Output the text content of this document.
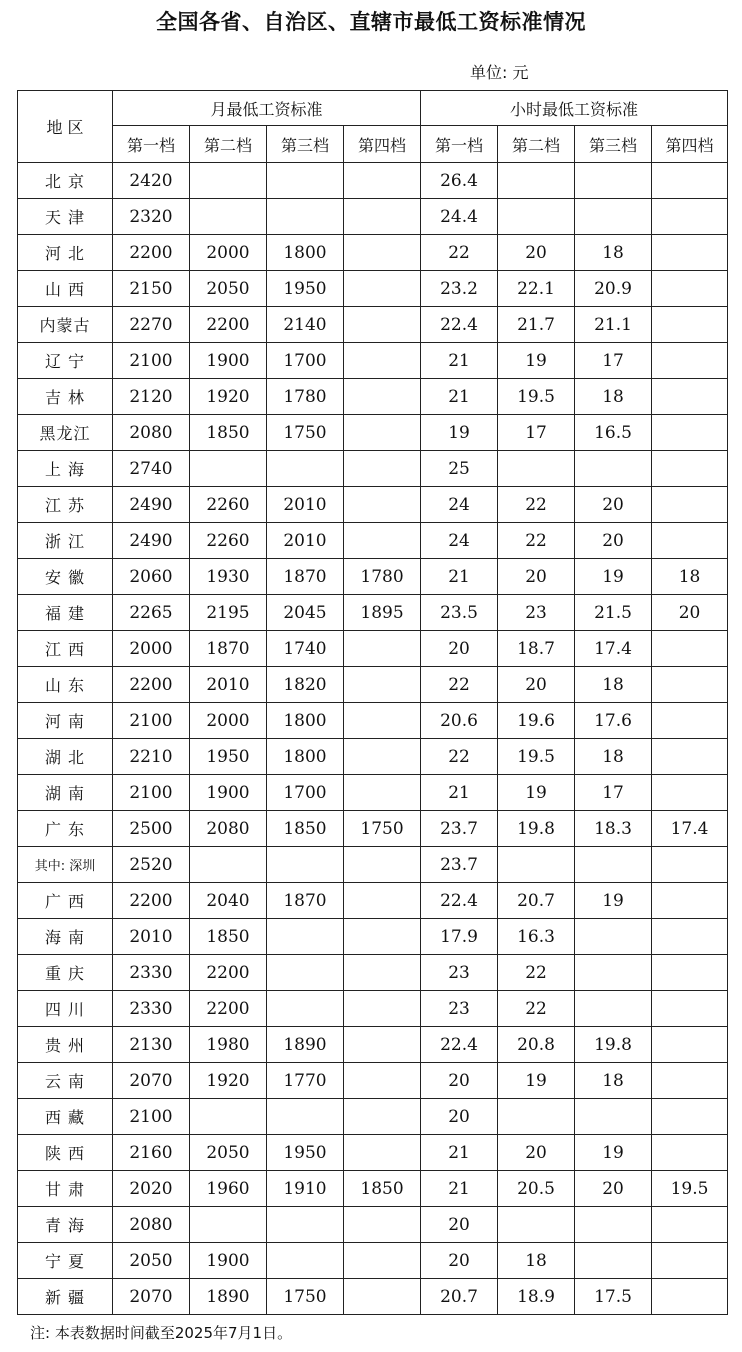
全国各省、自治区、直辖市最低工资标准情况
单位: 元
地 区	月最低工资标准				小时最低工资标准			
	第一档	第二档	第三档	第四档	第一档	第二档	第三档	第四档
北 京	2420				26.4			
天 津	2320				24.4			
河 北	2200	2000	1800		22	20	18	
山 西	2150	2050	1950		23.2	22.1	20.9	
内蒙古	2270	2200	2140		22.4	21.7	21.1	
辽 宁	2100	1900	1700		21	19	17	
吉 林	2120	1920	1780		21	19.5	18	
黑龙江	2080	1850	1750		19	17	16.5	
上 海	2740				25			
江 苏	2490	2260	2010		24	22	20	
浙 江	2490	2260	2010		24	22	20	
安 徽	2060	1930	1870	1780	21	20	19	18
福 建	2265	2195	2045	1895	23.5	23	21.5	20
江 西	2000	1870	1740		20	18.7	17.4	
山 东	2200	2010	1820		22	20	18	
河 南	2100	2000	1800		20.6	19.6	17.6	
湖 北	2210	1950	1800		22	19.5	18	
湖 南	2100	1900	1700		21	19	17	
广 东	2500	2080	1850	1750	23.7	19.8	18.3	17.4
其中: 深圳	2520				23.7			
广 西	2200	2040	1870		22.4	20.7	19	
海 南	2010	1850			17.9	16.3		
重 庆	2330	2200			23	22		
四 川	2330	2200			23	22		
贵 州	2130	1980	1890		22.4	20.8	19.8	
云 南	2070	1920	1770		20	19	18	
西 藏	2100				20			
陕 西	2160	2050	1950		21	20	19	
甘 肃	2020	1960	1910	1850	21	20.5	20	19.5
青 海	2080				20			
宁 夏	2050	1900			20	18		
新 疆	2070	1890	1750		20.7	18.9	17.5	
注: 本表数据时间截至2025年7月1日。
